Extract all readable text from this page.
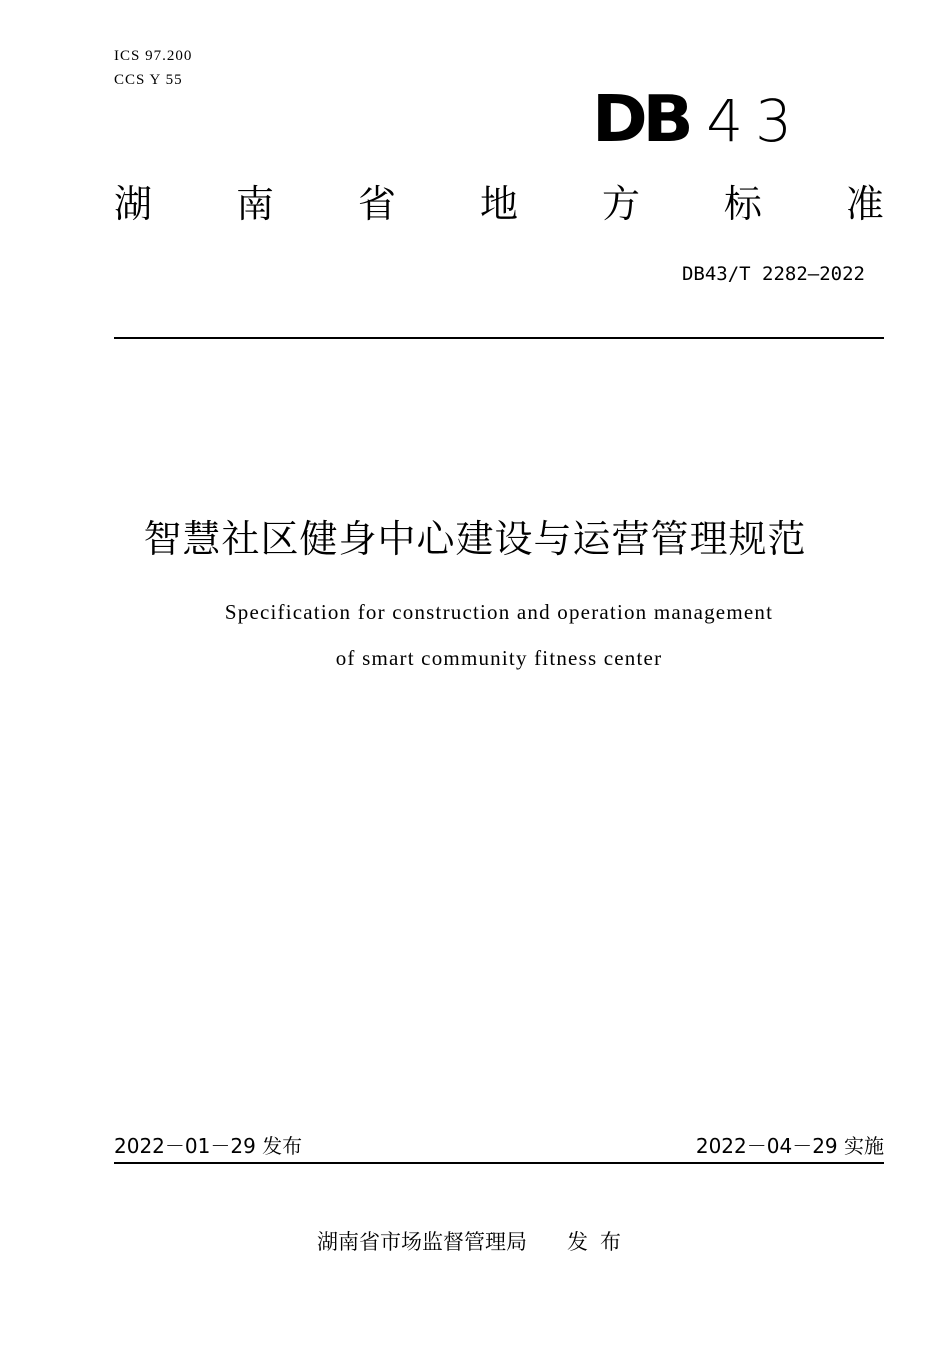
ICS 97.200
CCS Y 55
DB 43
湖 南 省 地 方 标 准
DB43/T 2282—2022
智慧社区健身中心建设与运营管理规范
Specification for construction and operation management
of smart community fitness center
2022－01－29 发布	2022－04－29 实施
湖南省市场监督管理局 发布
